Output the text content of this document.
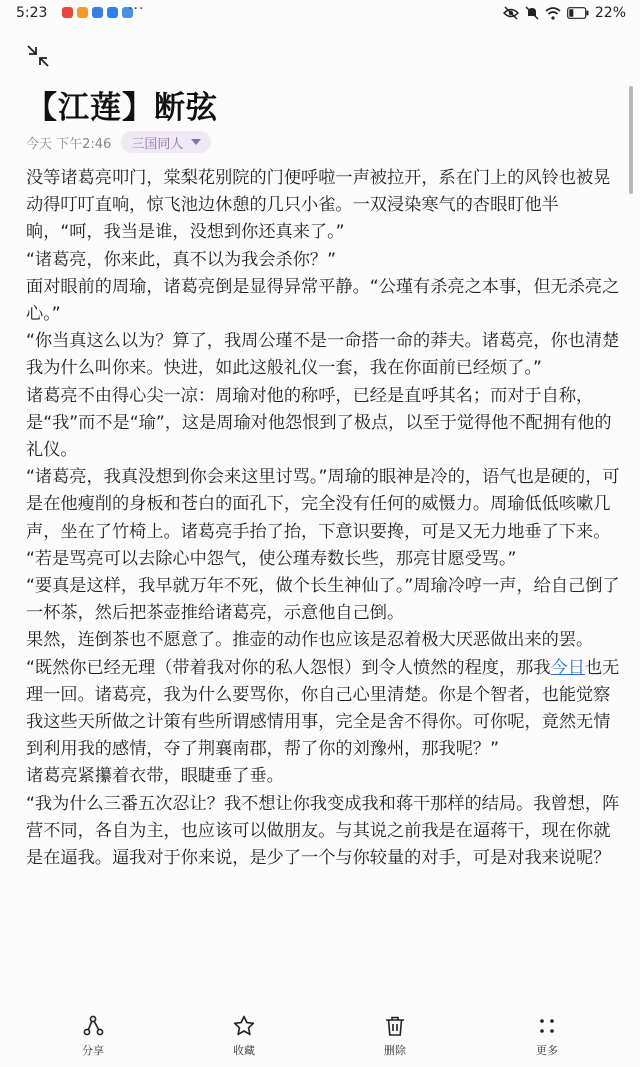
5:23	···	22%
【江莲】断弦
今天 下午2:46 三国同人

没等诸葛亮叩门，棠梨花别院的门便呼啦一声被拉开，系在门上的风铃也被晃动得叮叮直响，惊飞池边休憩的几只小雀。一双浸染寒气的杏眼盯他半晌，“呵，我当是谁，没想到你还真来了。”

“诸葛亮，你来此，真不以为我会杀你？”

面对眼前的周瑜，诸葛亮倒是显得异常平静。“公瑾有杀亮之本事，但无杀亮之心。”

“你当真这么以为？算了，我周公瑾不是一命搭一命的莽夫。诸葛亮，你也清楚我为什么叫你来。快进，如此这般礼仪一套，我在你面前已经烦了。”

诸葛亮不由得心尖一凉：周瑜对他的称呼，已经是直呼其名；而对于自称，是“我”而不是“瑜”，这是周瑜对他怨恨到了极点，以至于觉得他不配拥有他的礼仪。

“诸葛亮，我真没想到你会来这里讨骂。”周瑜的眼神是冷的，语气也是硬的，可是在他瘦削的身板和苍白的面孔下，完全没有任何的威慑力。周瑜低低咳嗽几声，坐在了竹椅上。诸葛亮手抬了抬，下意识要搀，可是又无力地垂了下来。

“若是骂亮可以去除心中怨气，使公瑾寿数长些，那亮甘愿受骂。”

“要真是这样，我早就万年不死，做个长生神仙了。”周瑜冷哼一声，给自己倒了一杯茶，然后把茶壶推给诸葛亮，示意他自己倒。

果然，连倒茶也不愿意了。推壶的动作也应该是忍着极大厌恶做出来的罢。

“既然你已经无理（带着我对你的私人怨恨）到令人愤然的程度，那我今日也无理一回。诸葛亮，我为什么要骂你，你自己心里清楚。你是个智者，也能觉察我这些天所做之计策有些所谓感情用事，完全是舍不得你。可你呢，竟然无情到利用我的感情，夺了荆襄南郡，帮了你的刘豫州，那我呢？”

诸葛亮紧攥着衣带，眼睫垂了垂。

“我为什么三番五次忍让？我不想让你我变成我和蒋干那样的结局。我曾想，阵营不同，各自为主，也应该可以做朋友。与其说之前我是在逼蒋干，现在你就是在逼我。逼我对于你来说，是少了一个与你较量的对手，可是对我来说呢？

分享	收藏	删除	更多
